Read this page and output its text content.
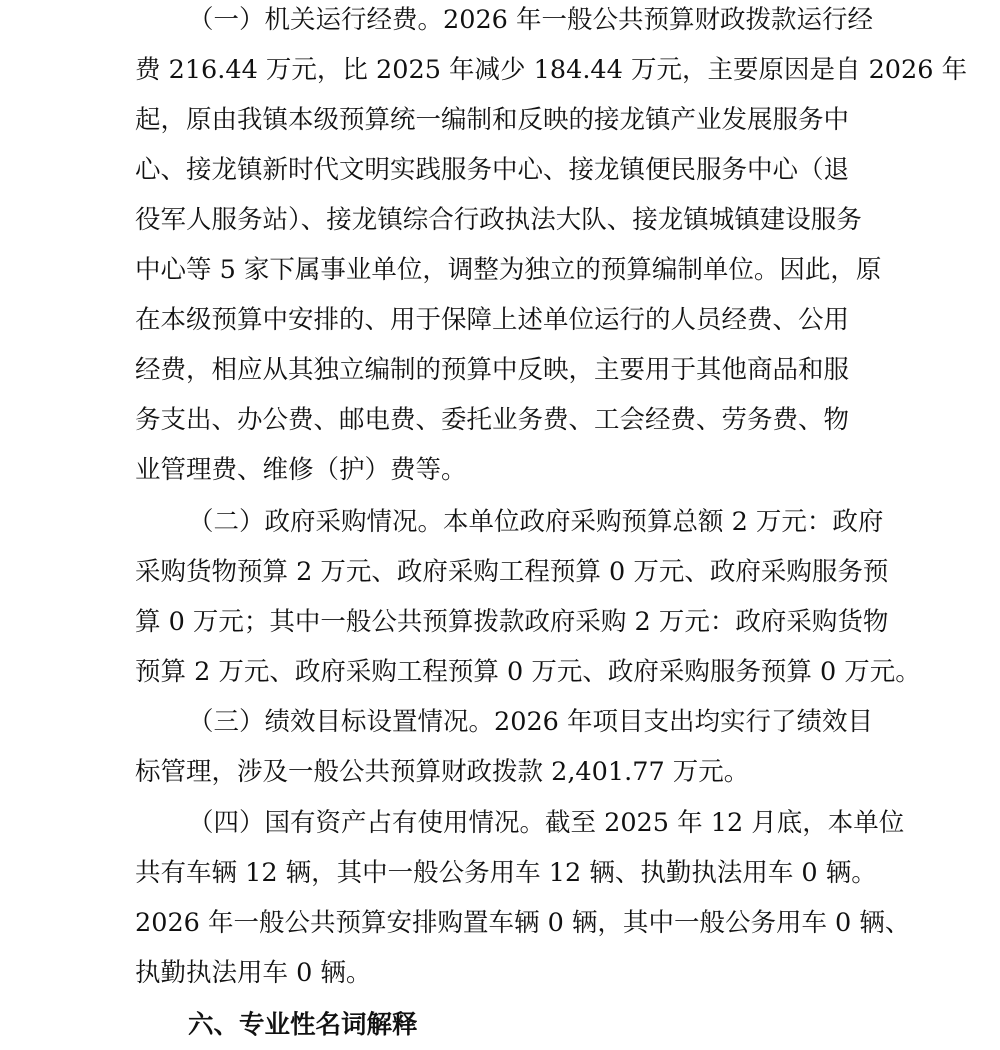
（一）机关运行经费。2026 年一般公共预算财政拨款运行经
费 216.44 万元，比 2025 年减少 184.44 万元，主要原因是自 2026 年
起，原由我镇本级预算统一编制和反映的接龙镇产业发展服务中
心、接龙镇新时代文明实践服务中心、接龙镇便民服务中心（退
役军人服务站）、接龙镇综合行政执法大队、接龙镇城镇建设服务
中心等 5 家下属事业单位，调整为独立的预算编制单位。因此，原
在本级预算中安排的、用于保障上述单位运行的人员经费、公用
经费，相应从其独立编制的预算中反映，主要用于其他商品和服
务支出、办公费、邮电费、委托业务费、工会经费、劳务费、物
业管理费、维修（护）费等。
（二）政府采购情况。本单位政府采购预算总额 2 万元：政府
采购货物预算 2 万元、政府采购工程预算 0 万元、政府采购服务预
算 0 万元；其中一般公共预算拨款政府采购 2 万元：政府采购货物
预算 2 万元、政府采购工程预算 0 万元、政府采购服务预算 0 万元。
（三）绩效目标设置情况。2026 年项目支出均实行了绩效目
标管理，涉及一般公共预算财政拨款 2,401.77 万元。
（四）国有资产占有使用情况。截至 2025 年 12 月底，本单位
共有车辆 12 辆，其中一般公务用车 12 辆、执勤执法用车 0 辆。
2026 年一般公共预算安排购置车辆 0 辆，其中一般公务用车 0 辆、
执勤执法用车 0 辆。
六、专业性名词解释
